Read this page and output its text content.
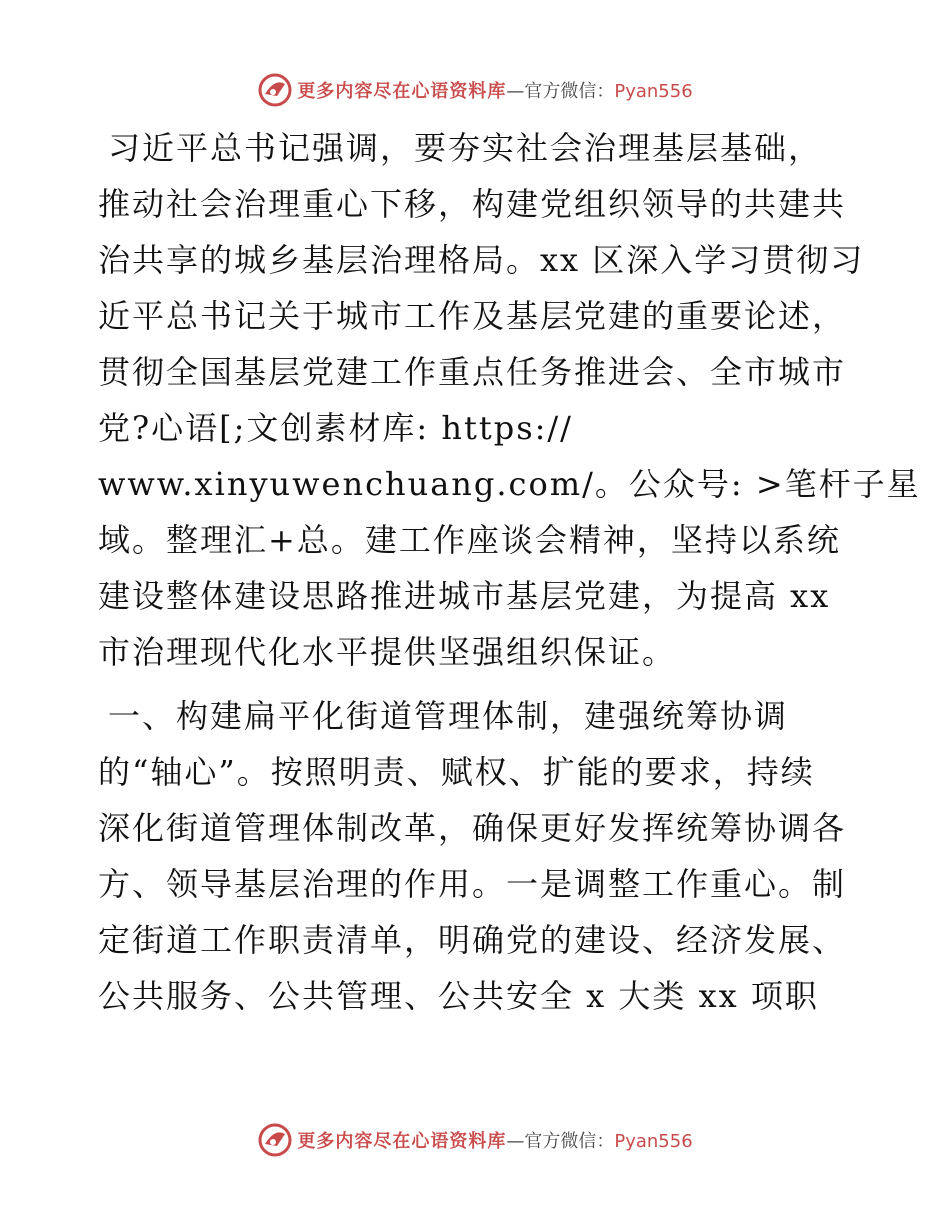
更多内容尽在心语资料库 —官方微信：Pyan556
习近平总书记强调，要夯实社会治理基层基础，
推动社会治理重心下移，构建党组织领导的共建共
治共享的城乡基层治理格局。xx 区深入学习贯彻习
近平总书记关于城市工作及基层党建的重要论述，
贯彻全国基层党建工作重点任务推进会、全市城市
党?心语[;文创素材库: https://
www.xinyuwenchuang.com/。公众号: >笔杆子星
域。整理汇+总。建工作座谈会精神，坚持以系统
建设整体建设思路推进城市基层党建，为提高 xx
市治理现代化水平提供坚强组织保证。
一、构建扁平化街道管理体制，建强统筹协调
的“轴心”。按照明责、赋权、扩能的要求，持续
深化街道管理体制改革，确保更好发挥统筹协调各
方、领导基层治理的作用。一是调整工作重心。制
定街道工作职责清单，明确党的建设、经济发展、
公共服务、公共管理、公共安全 x 大类 xx 项职
更多内容尽在心语资料库 —官方微信：Pyan556
